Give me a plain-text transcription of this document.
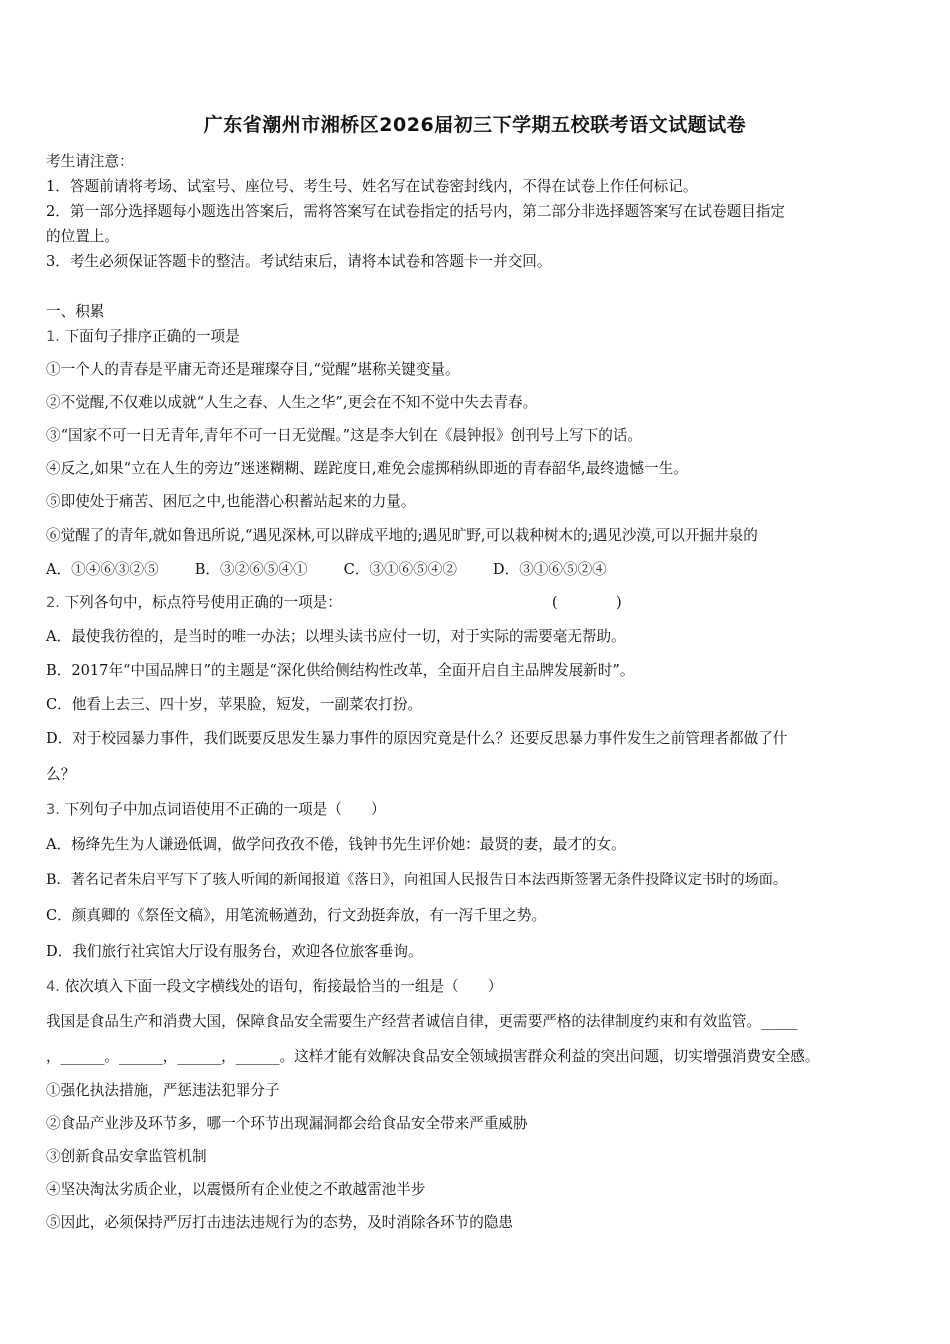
广东省潮州市湘桥区2026届初三下学期五校联考语文试题试卷
考生请注意：
1．答题前请将考场、试室号、座位号、考生号、姓名写在试卷密封线内，不得在试卷上作任何标记。
2．第一部分选择题每小题选出答案后，需将答案写在试卷指定的括号内，第二部分非选择题答案写在试卷题目指定
的位置上。
3．考生必须保证答题卡的整洁。考试结束后，请将本试卷和答题卡一并交回。
一、积累
1. 下面句子排序正确的一项是
①一个人的青春是平庸无奇还是璀璨夺目,“觉醒”堪称关键变量。
②不觉醒,不仅难以成就“人生之春、人生之华”,更会在不知不觉中失去青春。
③“国家不可一日无青年,青年不可一日无觉醒。”这是李大钊在《晨钟报》创刊号上写下的话。
④反之,如果“立在人生的旁边”迷迷糊糊、蹉跎度日,难免会虚掷稍纵即逝的青春韶华,最终遗憾一生。
⑤即使处于痛苦、困厄之中,也能潜心积蓄站起来的力量。
⑥觉醒了的青年,就如鲁迅所说,“遇见深林,可以辟成平地的;遇见旷野,可以栽种树木的;遇见沙漠,可以开掘井泉的
A．①④⑥③②⑤ B．③②⑥⑤④① C．③①⑥⑤④② D．③①⑥⑤②④
2. 下列各句中，标点符号使用正确的一项是：	(　　　　)
A．最使我彷徨的，是当时的唯一办法；以埋头读书应付一切，对于实际的需要毫无帮助。
B．2017年“中国品牌日”的主题是“深化供给侧结构性改革，全面开启自主品牌发展新时”。
C．他看上去三、四十岁，苹果脸，短发，一副菜农打扮。
D．对于校园暴力事件，我们既要反思发生暴力事件的原因究竟是什么？还要反思暴力事件发生之前管理者都做了什
么？
3. 下列句子中加点词语使用不正确的一项是（　　）
A．杨绛先生为人谦逊低调，做学问孜孜不倦，钱钟书先生评价她：最贤的妻，最才的女。
B．著名记者朱启平写下了骇人听闻的新闻报道《落日》，向祖国人民报告日本法西斯签署无条件投降议定书时的场面。
C．颜真卿的《祭侄文稿》，用笔流畅遒劲，行文劲挺奔放，有一泻千里之势。
D．我们旅行社宾馆大厅设有服务台，欢迎各位旅客垂询。
4. 依次填入下面一段文字横线处的语句，衔接最恰当的一组是（　　）
我国是食品生产和消费大国，保障食品安全需要生产经营者诚信自律，更需要严格的法律制度约束和有效监管。_____
，______。______，______，______。这样才能有效解决食品安全领域损害群众利益的突出问题，切实增强消费安全感。
①强化执法措施，严惩违法犯罪分子
②食品产业涉及环节多，哪一个环节出现漏洞都会给食品安全带来严重威胁
③创新食品安拿监管机制
④坚决淘汰劣质企业，以震慑所有企业使之不敢越雷池半步
⑤因此，必须保持严厉打击违法违规行为的态势，及时消除各环节的隐患
